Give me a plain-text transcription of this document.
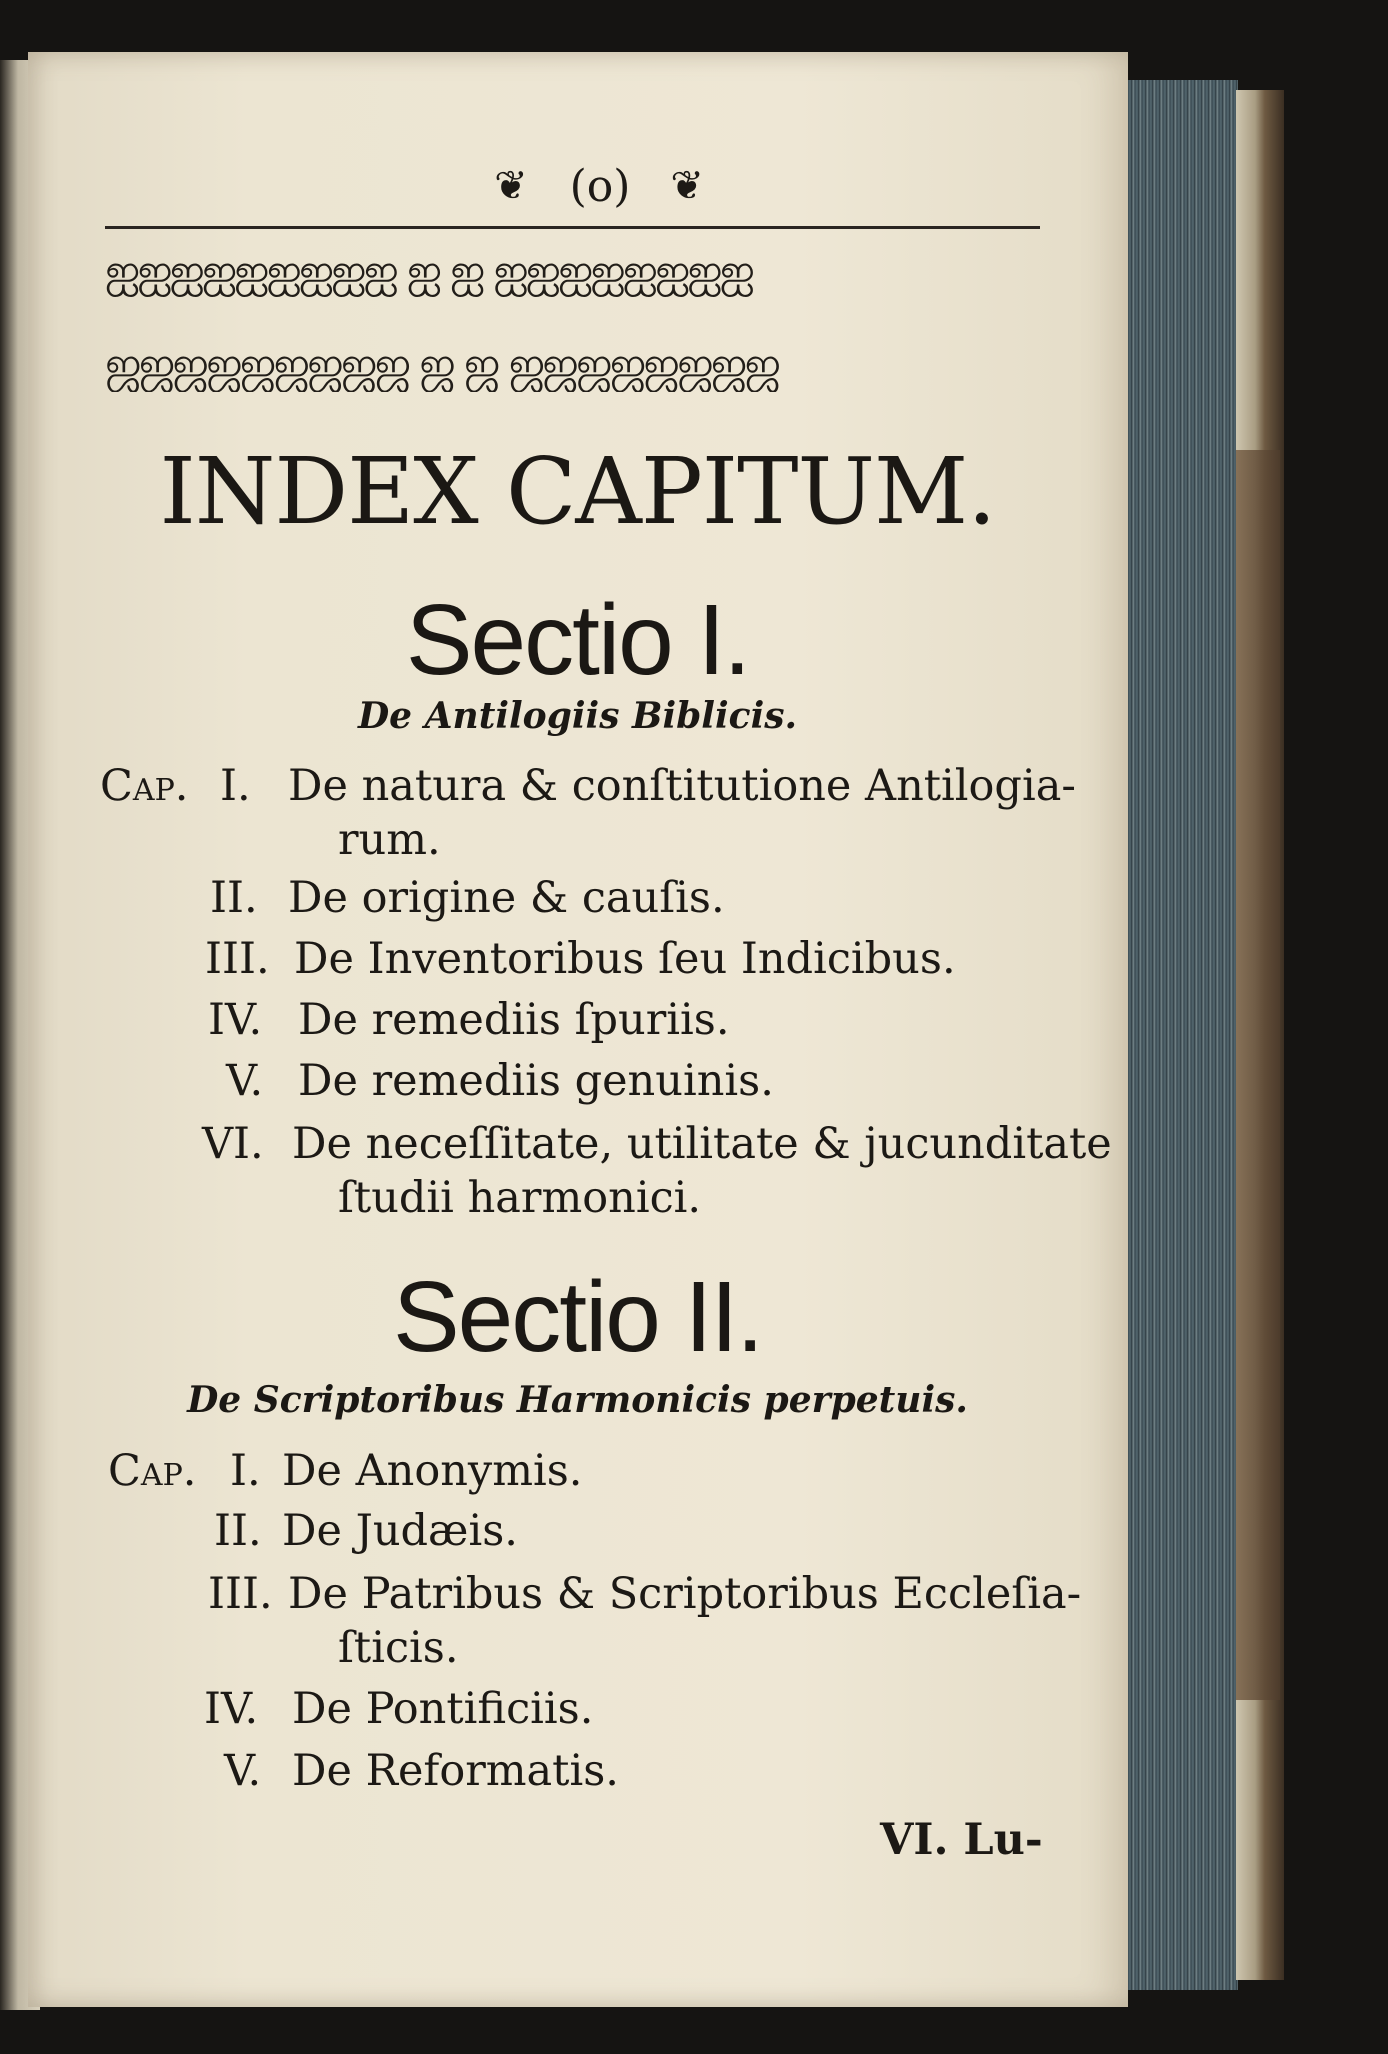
❦ (o) ❦
ஐஐஐஐஐஐஐஐஐ ஐ ஐ ஐஐஐஐஐஐஐஐ
ஜஜஜஜஜஜஜஜஜ ஜ ஜ ஜஜஜஜஜஜஜஜ
INDEX CAPITUM.
Sectio I.
De Antilogiis Biblicis.
Cap. I. De natura & conſtitutione Antilogia-
rum.
II. De origine & cauſis.
III. De Inventoribus ſeu Indicibus.
IV. De remediis ſpuriis.
V. De remediis genuinis.
VI. De neceſſitate, utilitate & jucunditate
ſtudii harmonici.
Sectio II.
De Scriptoribus Harmonicis perpetuis.
Cap. I. De Anonymis.
II. De Judæis.
III. De Patribus & Scriptoribus Eccleſia-
ſticis.
IV. De Pontificiis.
V. De Reformatis.
VI. Lu-
